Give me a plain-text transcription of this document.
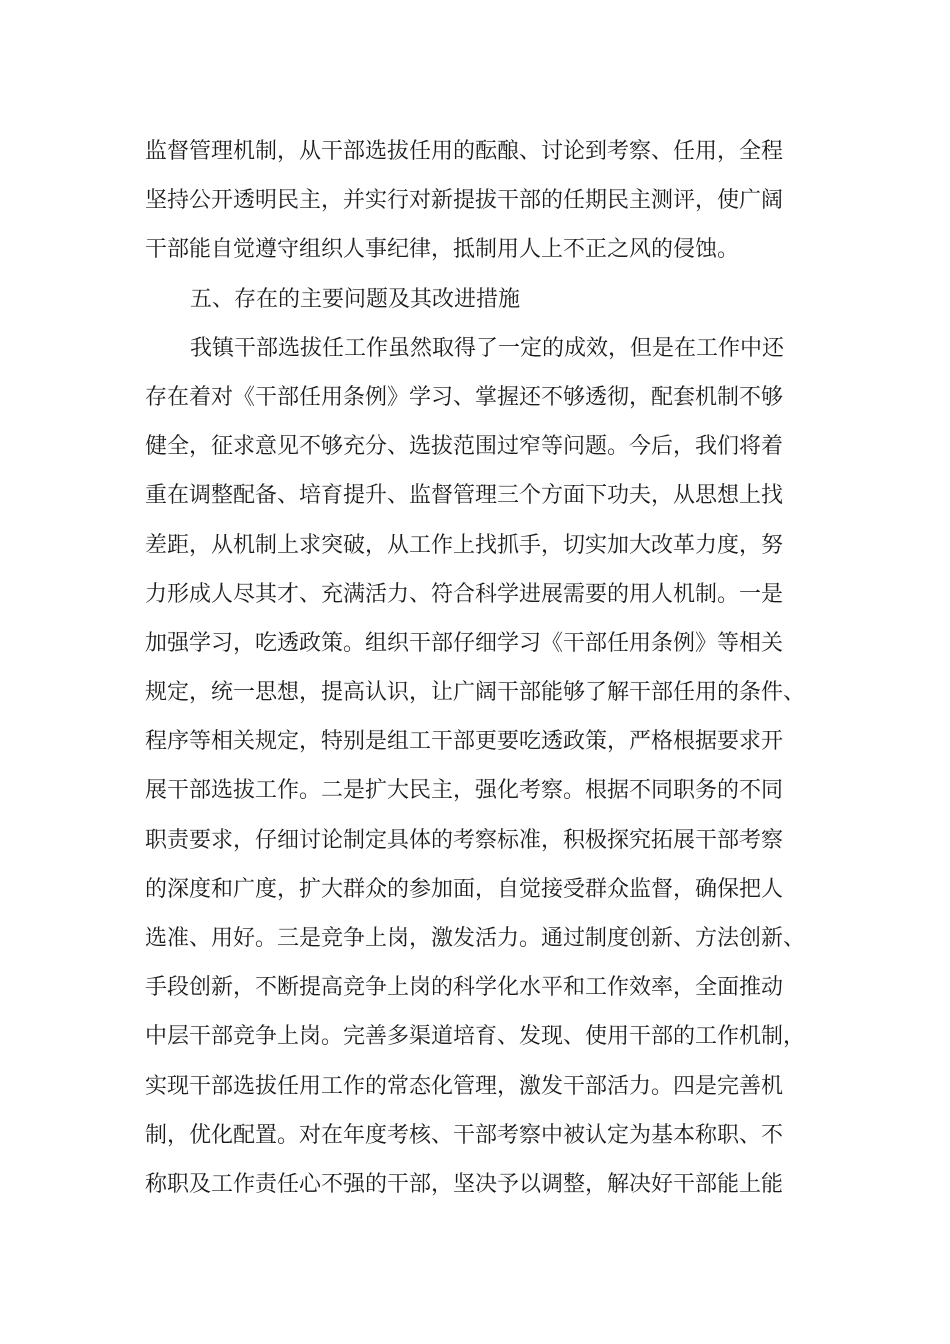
监督管理机制，从干部选拔任用的酝酿、讨论到考察、任用，全程
坚持公开透明民主，并实行对新提拔干部的任期民主测评，使广阔
干部能自觉遵守组织人事纪律，抵制用人上不正之风的侵蚀。
五、存在的主要问题及其改进措施
我镇干部选拔任工作虽然取得了一定的成效，但是在工作中还
存在着对《干部任用条例》学习、掌握还不够透彻，配套机制不够
健全，征求意见不够充分、选拔范围过窄等问题。今后，我们将着
重在调整配备、培育提升、监督管理三个方面下功夫，从思想上找
差距，从机制上求突破，从工作上找抓手，切实加大改革力度，努
力形成人尽其才、充满活力、符合科学进展需要的用人机制。一是
加强学习，吃透政策。组织干部仔细学习《干部任用条例》等相关
规定，统一思想，提高认识，让广阔干部能够了解干部任用的条件、
程序等相关规定，特别是组工干部更要吃透政策，严格根据要求开
展干部选拔工作。二是扩大民主，强化考察。根据不同职务的不同
职责要求，仔细讨论制定具体的考察标准，积极探究拓展干部考察
的深度和广度，扩大群众的参加面，自觉接受群众监督，确保把人
选准、用好。三是竞争上岗，激发活力。通过制度创新、方法创新、
手段创新，不断提高竞争上岗的科学化水平和工作效率，全面推动
中层干部竞争上岗。完善多渠道培育、发现、使用干部的工作机制，
实现干部选拔任用工作的常态化管理，激发干部活力。四是完善机
制，优化配置。对在年度考核、干部考察中被认定为基本称职、不
称职及工作责任心不强的干部，坚决予以调整，解决好干部能上能
